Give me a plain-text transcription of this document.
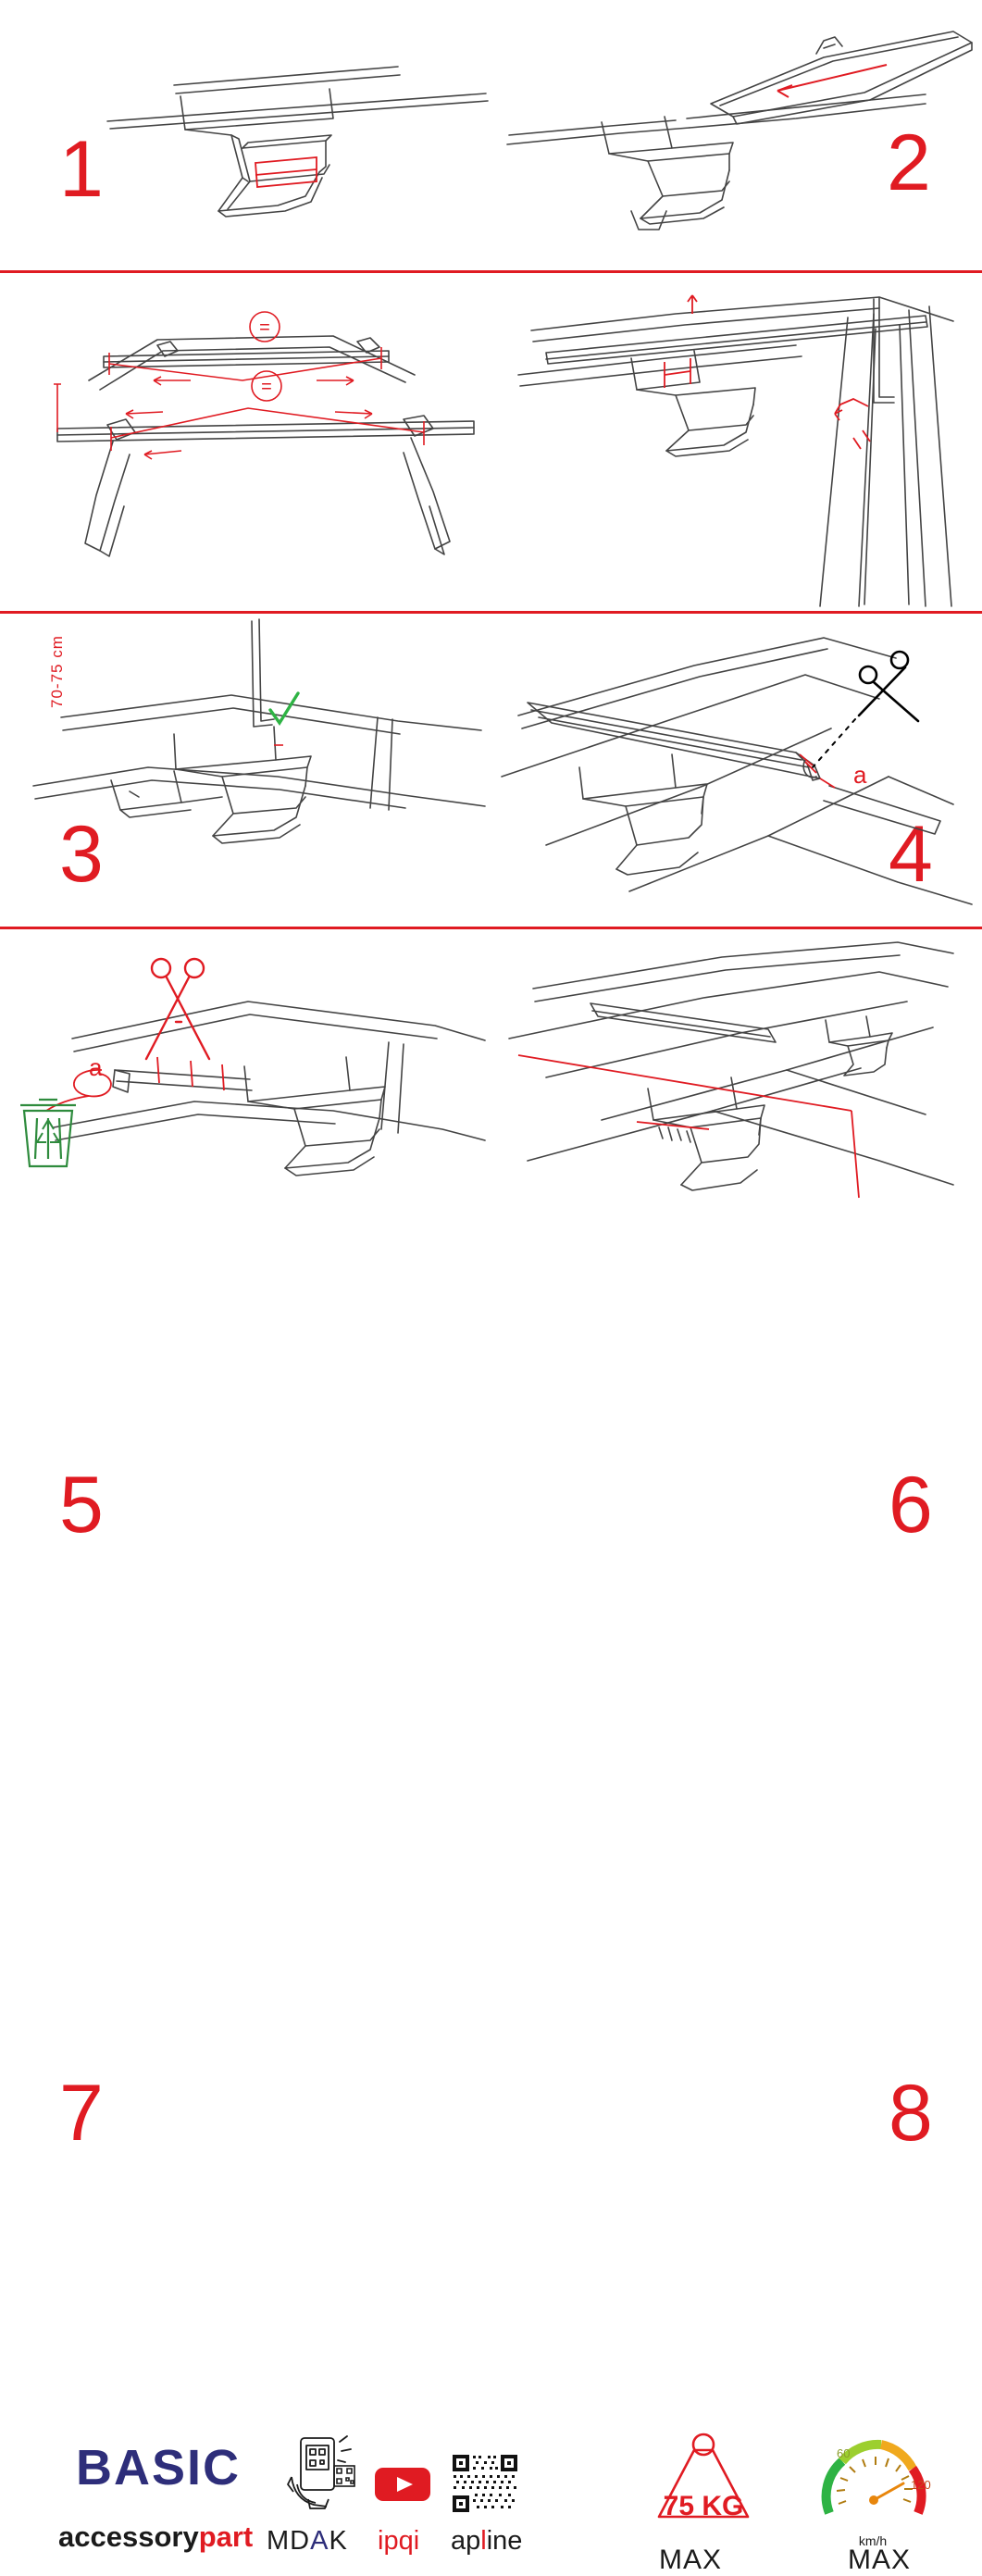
1	2
=
=
70-75 cm
3	4
5	6
a
7
a
8
BASIC
accessorypart MDAK ipqi apline
75 KG
MAX
60
120
km/h
MAX
